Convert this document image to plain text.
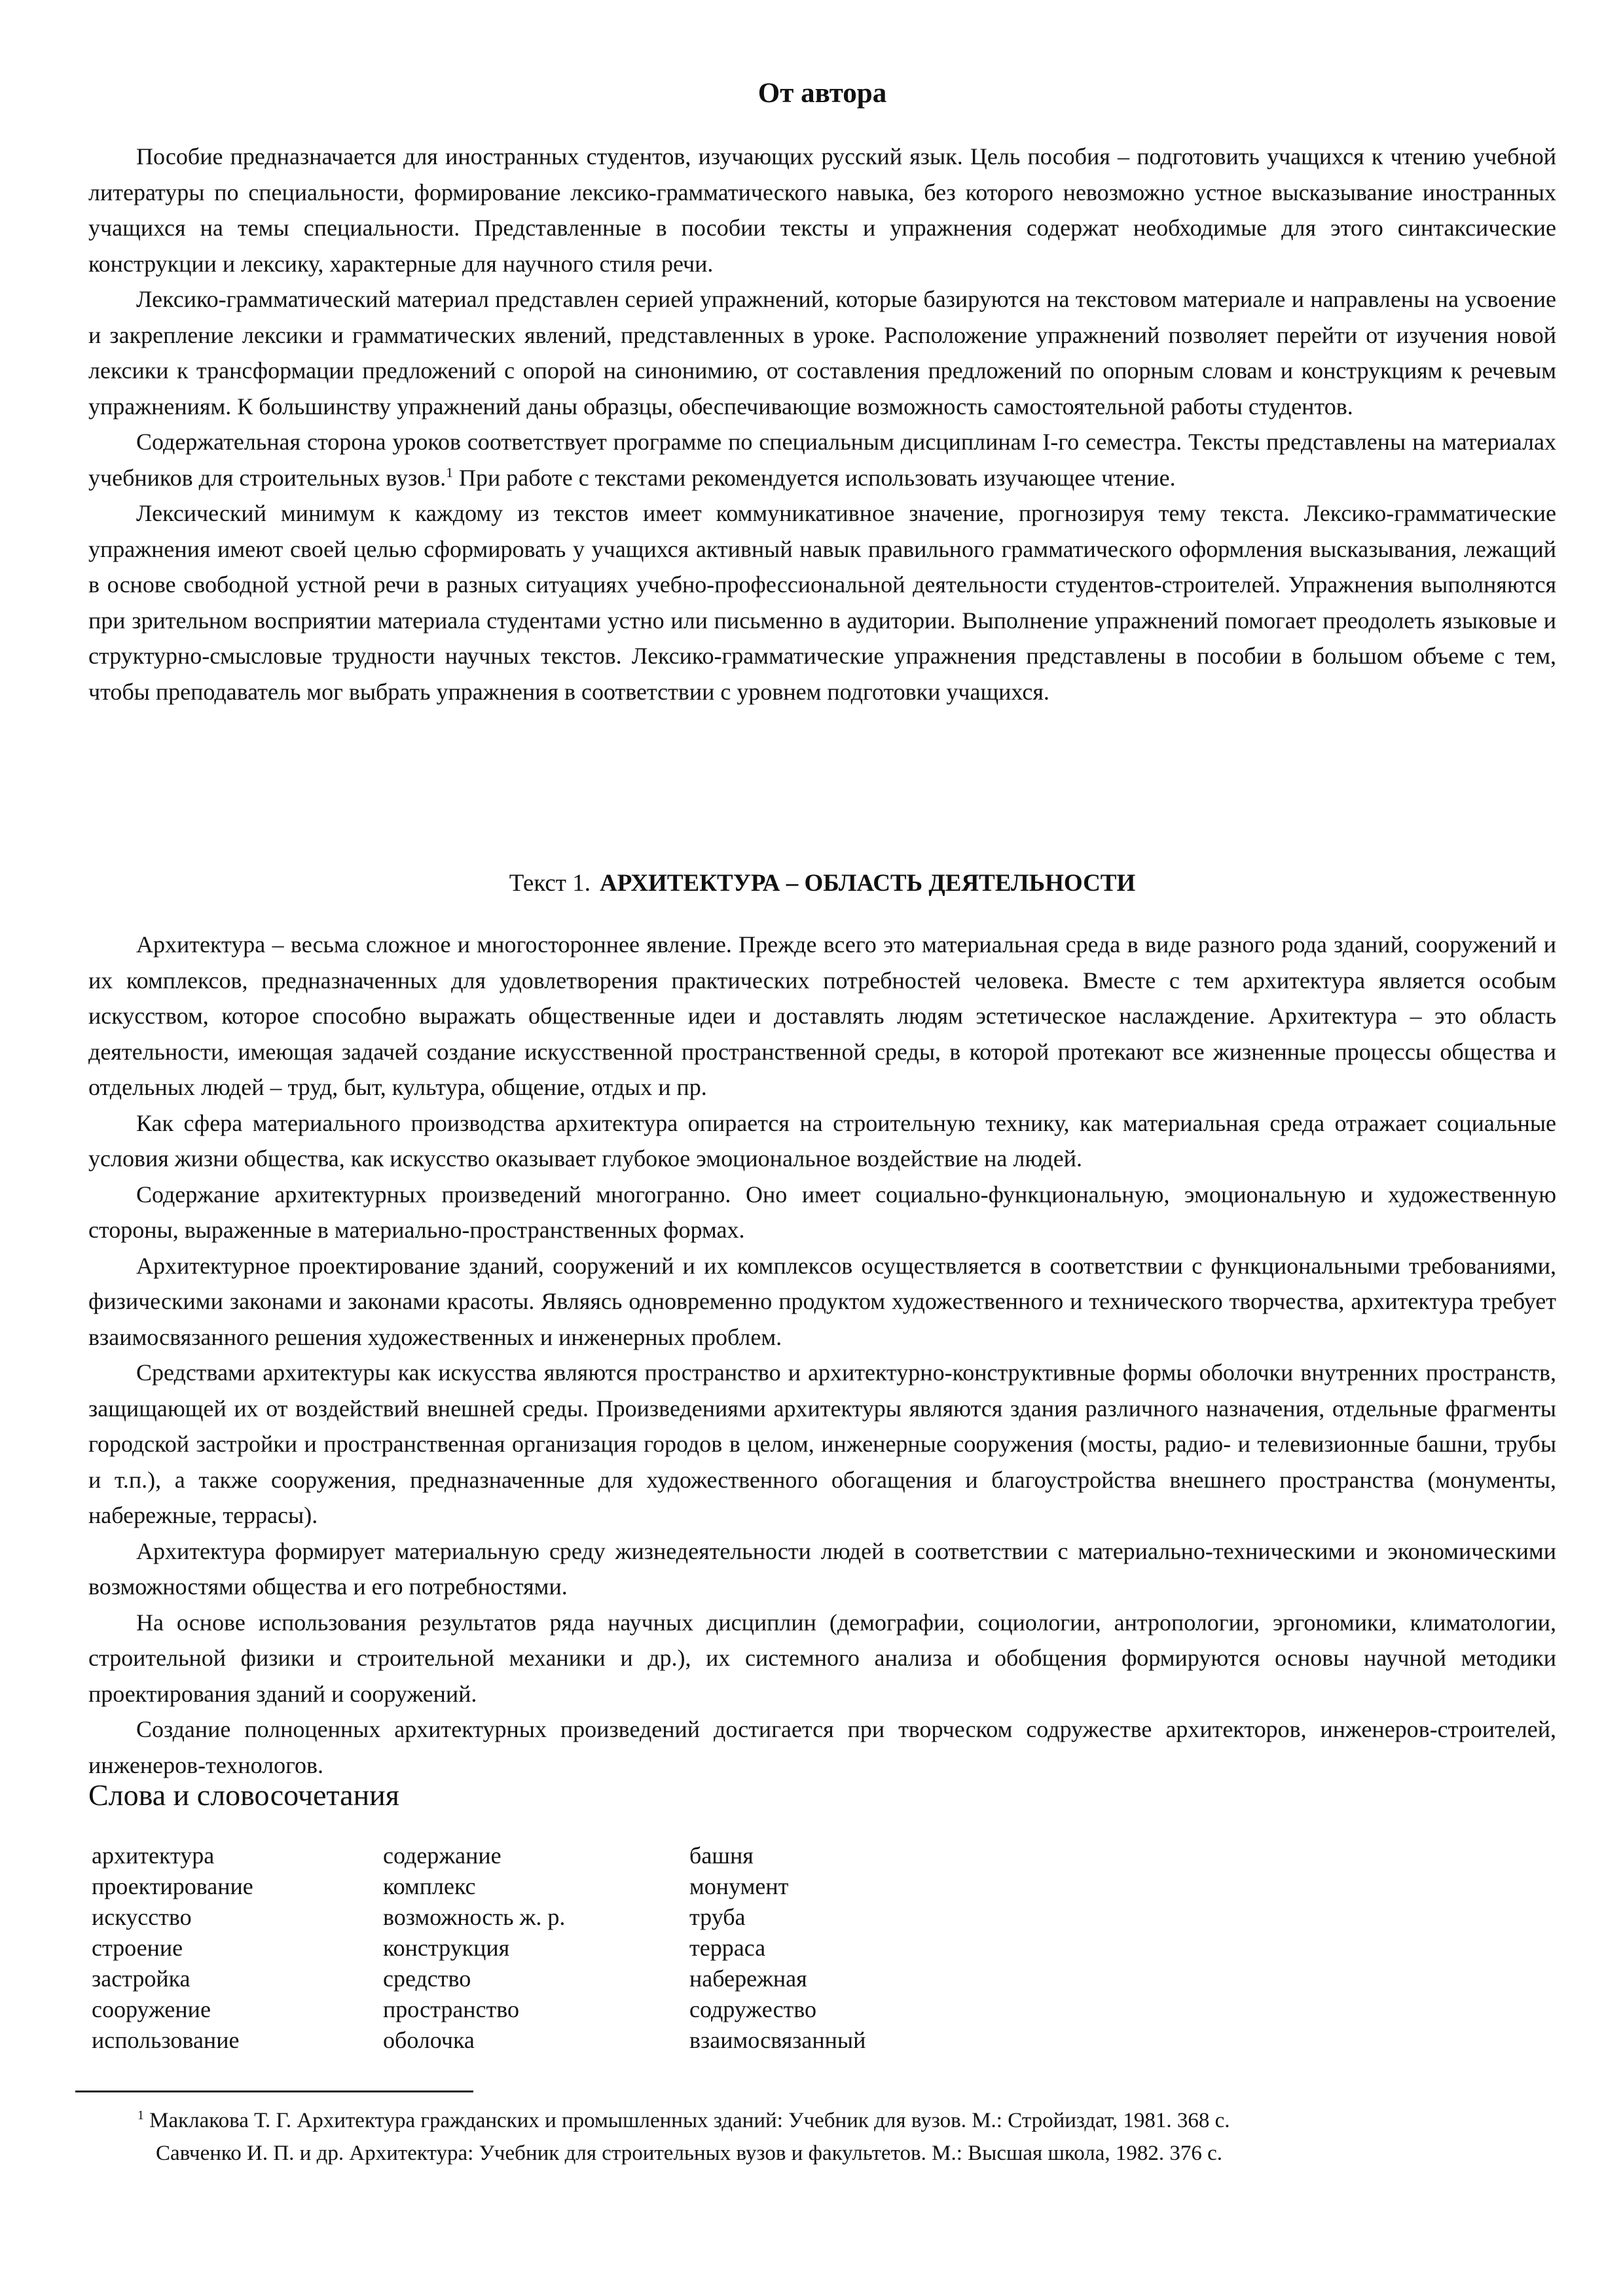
От автора

Пособие предназначается для иностранных студентов, изучающих русский язык. Цель пособия – подготовить учащихся к чтению учебной литературы по специальности, формирование лексико-грамматического навыка, без которого невозможно устное высказывание иностранных учащихся на темы специальности. Представленные в пособии тексты и упражнения содержат необходимые для этого синтаксические конструкции и лексику, характерные для научного стиля речи.

Лексико-грамматический материал представлен серией упражнений, которые базируются на текстовом материале и направлены на усвоение и закрепление лексики и грамматических явлений, представленных в уроке. Расположение упражнений позволяет перейти от изучения новой лексики к трансформации предложений с опорой на синонимию, от составления предложений по опорным словам и конструкциям к речевым упражнениям. К большинству упражнений даны образцы, обеспечивающие возможность самостоятельной работы студентов.

Содержательная сторона уроков соответствует программе по специальным дисциплинам I-го семестра. Тексты представлены на материалах учебников для строительных вузов.$^1$ При работе с текстами рекомендуется использовать изучающее чтение.

Лексический минимум к каждому из текстов имеет коммуникативное значение, прогнозируя тему текста. Лексико-грамматические упражнения имеют своей целью сформировать у учащихся активный навык правильного грамматического оформления высказывания, лежащий в основе свободной устной речи в разных ситуациях учебно-профессиональной деятельности студентов-строителей. Упражнения выполняются при зрительном восприятии материала студентами устно или письменно в аудитории. Выполнение упражнений помогает преодолеть языковые и структурно-смысловые трудности научных текстов. Лексико-грамматические упражнения представлены в пособии в большом объеме с тем, чтобы преподаватель мог выбрать упражнения в соответствии с уровнем подготовки учащихся.

Текст 1. АРХИТЕКТУРА – ОБЛАСТЬ ДЕЯТЕЛЬНОСТИ

Архитектура – весьма сложное и многостороннее явление. Прежде всего это материальная среда в виде разного рода зданий, сооружений и их комплексов, предназначенных для удовлетворения практических потребностей человека. Вместе с тем архитектура является особым искусством, которое способно выражать общественные идеи и доставлять людям эстетическое наслаждение. Архитектура – это область деятельности, имеющая задачей создание искусственной пространственной среды, в которой протекают все жизненные процессы общества и отдельных людей – труд, быт, культура, общение, отдых и пр.

Как сфера материального производства архитектура опирается на строительную технику, как материальная среда отражает социальные условия жизни общества, как искусство оказывает глубокое эмоциональное воздействие на людей.

Содержание архитектурных произведений многогранно. Оно имеет социально-функциональную, эмоциональную и художественную стороны, выраженные в материально-пространственных формах.

Архитектурное проектирование зданий, сооружений и их комплексов осуществляется в соответствии с функциональными требованиями, физическими законами и законами красоты. Являясь одновременно продуктом художественного и технического творчества, архитектура требует взаимосвязанного решения художественных и инженерных проблем.

Средствами архитектуры как искусства являются пространство и архитектурно-конструктивные формы оболочки внутренних пространств, защищающей их от воздействий внешней среды. Произведениями архитектуры являются здания различного назначения, отдельные фрагменты городской застройки и пространственная организация городов в целом, инженерные сооружения (мосты, радио- и телевизионные башни, трубы и т.п.), а также сооружения, предназначенные для художественного обогащения и благоустройства внешнего пространства (монументы, набережные, террасы).

Архитектура формирует материальную среду жизнедеятельности людей в соответствии с материально-техническими и экономическими возможностями общества и его потребностями.

На основе использования результатов ряда научных дисциплин (демографии, социологии, антропологии, эргономики, климатологии, строительной физики и строительной механики и др.), их системного анализа и обобщения формируются основы научной методики проектирования зданий и сооружений.

Создание полноценных архитектурных произведений достигается при творческом содружестве архитекторов, инженеров-строителей, инженеров-технологов.

Слова и словосочетания
архитектура
проектирование
искусство
строение
застройка
сооружение
использование
содержание
комплекс
возможность ж. р.
конструкция
средство
пространство
оболочка
башня
монумент
труба
терраса
набережная
содружество
взаимосвязанный
$^1$ Маклакова Т. Г. Архитектура гражданских и промышленных зданий: Учебник для вузов. М.: Стройиздат, 1981. 368 с.
Савченко И. П. и др. Архитектура: Учебник для строительных вузов и факультетов. М.: Высшая школа, 1982. 376 с.
